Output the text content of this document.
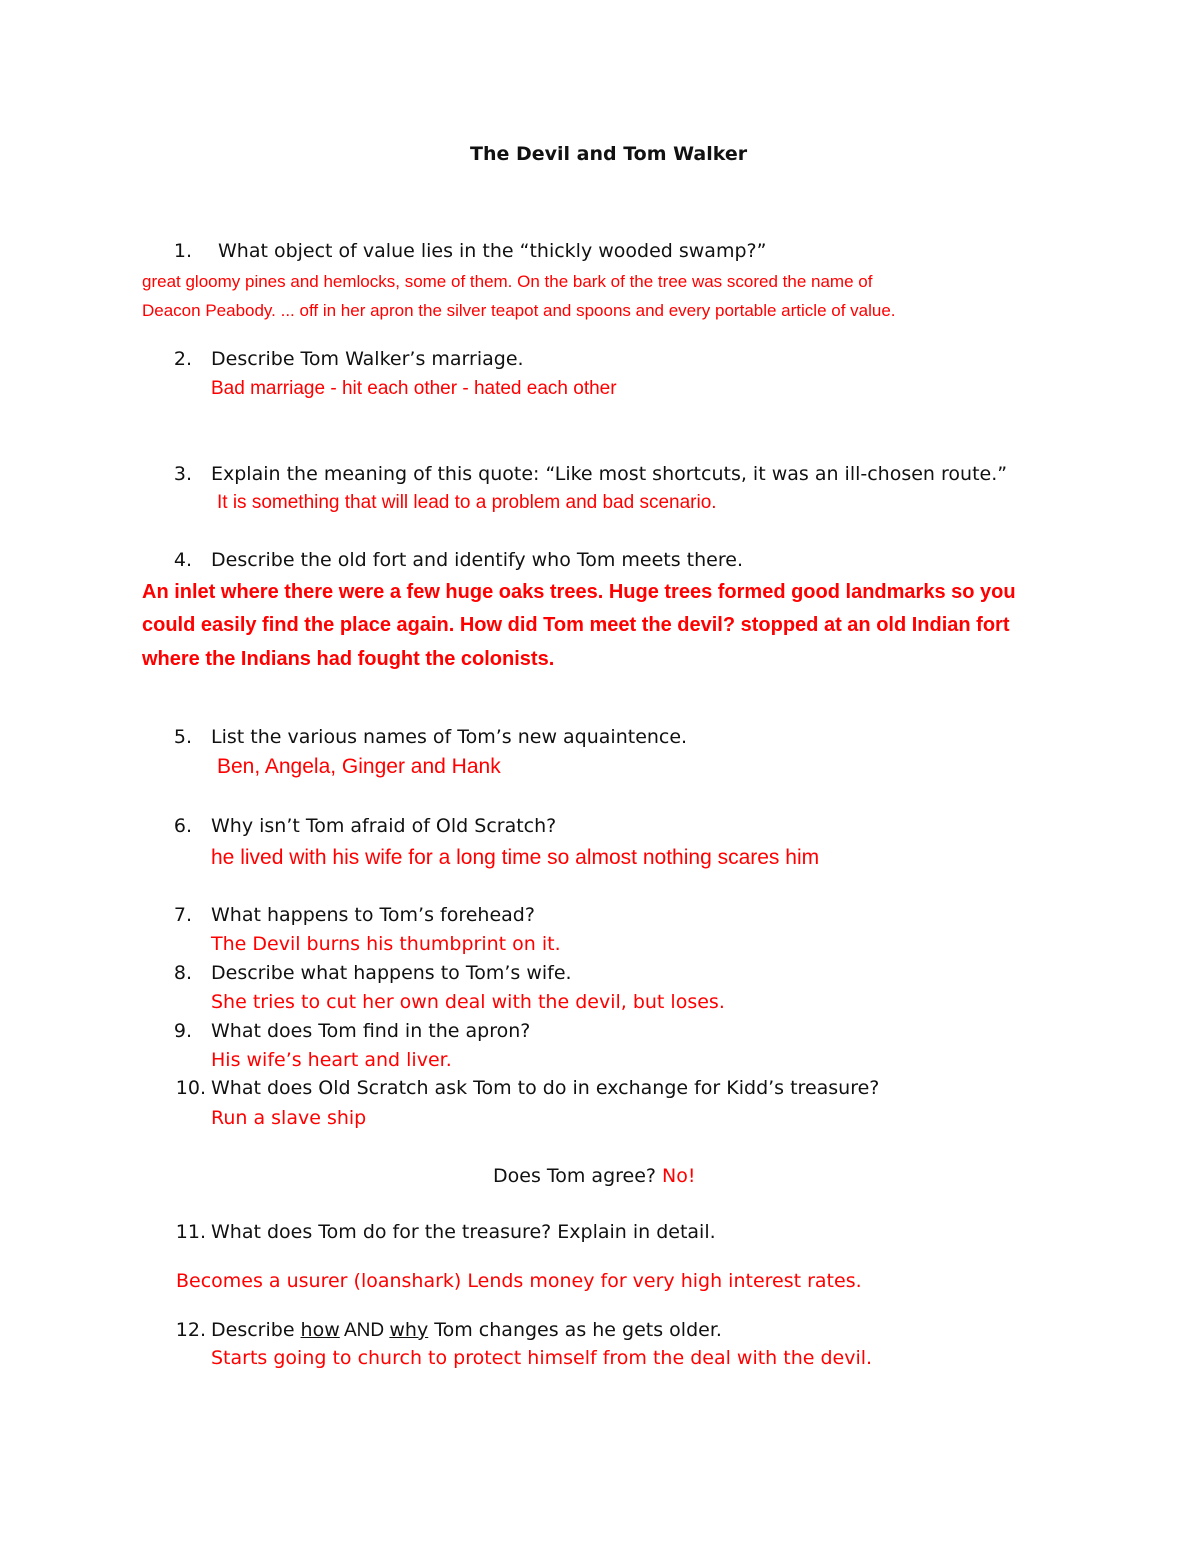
The Devil and Tom Walker
1. What object of value lies in the “thickly wooded swamp?”
great gloomy pines and hemlocks, some of them. On the bark of the tree was scored the name of
Deacon Peabody. ... off in her apron the silver teapot and spoons and every portable article of value.
2. Describe Tom Walker’s marriage.
Bad marriage - hit each other - hated each other
3. Explain the meaning of this quote: “Like most shortcuts, it was an ill-chosen route.”
It is something that will lead to a problem and bad scenario.
4. Describe the old fort and identify who Tom meets there.
An inlet where there were a few huge oaks trees. Huge trees formed good landmarks so you
could easily find the place again. How did Tom meet the devil? stopped at an old Indian fort
where the Indians had fought the colonists.
5. List the various names of Tom’s new aquaintence.
Ben, Angela, Ginger and Hank
6. Why isn’t Tom afraid of Old Scratch?
he lived with his wife for a long time so almost nothing scares him
7. What happens to Tom’s forehead?
The Devil burns his thumbprint on it.
8. Describe what happens to Tom’s wife.
She tries to cut her own deal with the devil, but loses.
9. What does Tom find in the apron?
His wife’s heart and liver.
10. What does Old Scratch ask Tom to do in exchange for Kidd’s treasure?
Run a slave ship
Does Tom agree? No!
11. What does Tom do for the treasure? Explain in detail.
Becomes a usurer (loanshark) Lends money for very high interest rates.
12. Describe how AND why Tom changes as he gets older.
Starts going to church to protect himself from the deal with the devil.
